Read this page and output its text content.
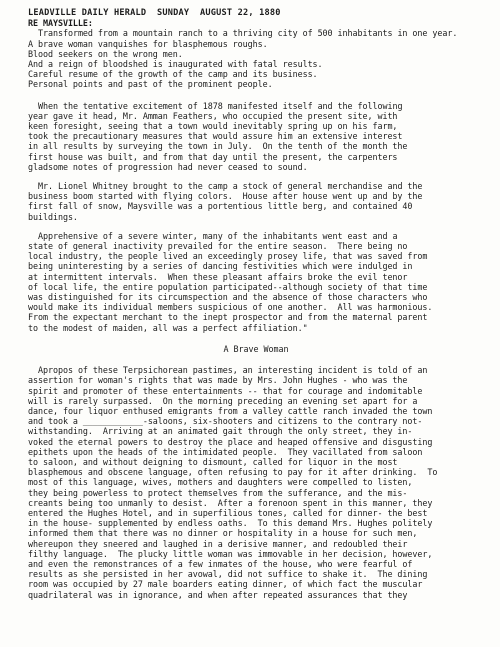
LEADVILLE DAILY HERALD  SUNDAY  AUGUST 22, 1880
RE MAYSVILLE:
Transformed from a mountain ranch to a thriving city of 500 inhabitants in one year.
A brave woman vanquishes for blasphemous roughs.
Blood seekers on the wrong men.
And a reign of bloodshed is inaugurated with fatal results.
Careful resume of the growth of the camp and its business.
Personal points and past of the prominent people.
When the tentative excitement of 1878 manifested itself and the following
year gave it head, Mr. Amman Feathers, who occupied the present site, with
keen foresight, seeing that a town would inevitably spring up on his farm,
took the precautionary measures that would assure him an extensive interest
in all results by surveying the town in July.  On the tenth of the month the
first house was built, and from that day until the present, the carpenters
gladsome notes of progression had never ceased to sound.
Mr. Lionel Whitney brought to the camp a stock of general merchandise and the
business boom started with flying colors.  House after house went up and by the
first fall of snow, Maysville was a portentious little berg, and contained 40
buildings.
Apprehensive of a severe winter, many of the inhabitants went east and a
state of general inactivity prevailed for the entire season.  There being no
local industry, the people lived an exceedingly prosey life, that was saved from
being uninteresting by a series of dancing festivities which were indulged in
at intermittent intervals.  When these pleasant affairs broke the evil tenor
of local life, the entire population participated--although society of that time
was distinguished for its circumspection and the absence of those characters who
would make its individual members suspicious of one another.  All was harmonious.
From the expectant merchant to the inept prospector and from the maternal parent
to the modest of maiden, all was a perfect affiliation."
A Brave Woman
Apropos of these Terpsichorean pastimes, an interesting incident is told of an
assertion for woman's rights that was made by Mrs. John Hughes - who was the
spirit and promoter of these entertainments -- that for courage and indomitable
will is rarely surpassed.  On the morning preceding an evening set apart for a
dance, four liquor enthused emigrants from a valley cattle ranch invaded the town
and took a ____________-saloons, six-shooters and citizens to the contrary not-
withstanding.  Arriving at an animated gait through the only street, they in-
voked the eternal powers to destroy the place and heaped offensive and disgusting
epithets upon the heads of the intimidated people.  They vacillated from saloon
to saloon, and without deigning to dismount, called for liquor in the most
blasphemous and obscene language, often refusing to pay for it after drinking.  To
most of this language, wives, mothers and daughters were compelled to listen,
they being powerless to protect themselves from the sufferance, and the mis-
creants being too unmanly to desist.  After a forenoon spent in this manner, they
entered the Hughes Hotel, and in superfilious tones, called for dinner- the best
in the house- supplemented by endless oaths.  To this demand Mrs. Hughes politely
informed them that there was no dinner or hospitality in a house for such men,
whereupon they sneered and laughed in a derisive manner, and redoubled their
filthy language.  The plucky little woman was immovable in her decision, however,
and even the remonstrances of a few inmates of the house, who were fearful of
results as she persisted in her avowal, did not suffice to shake it.  The dining
room was occupied by 27 male boarders eating dinner, of which fact the muscular
quadrilateral was in ignorance, and when after repeated assurances that they
